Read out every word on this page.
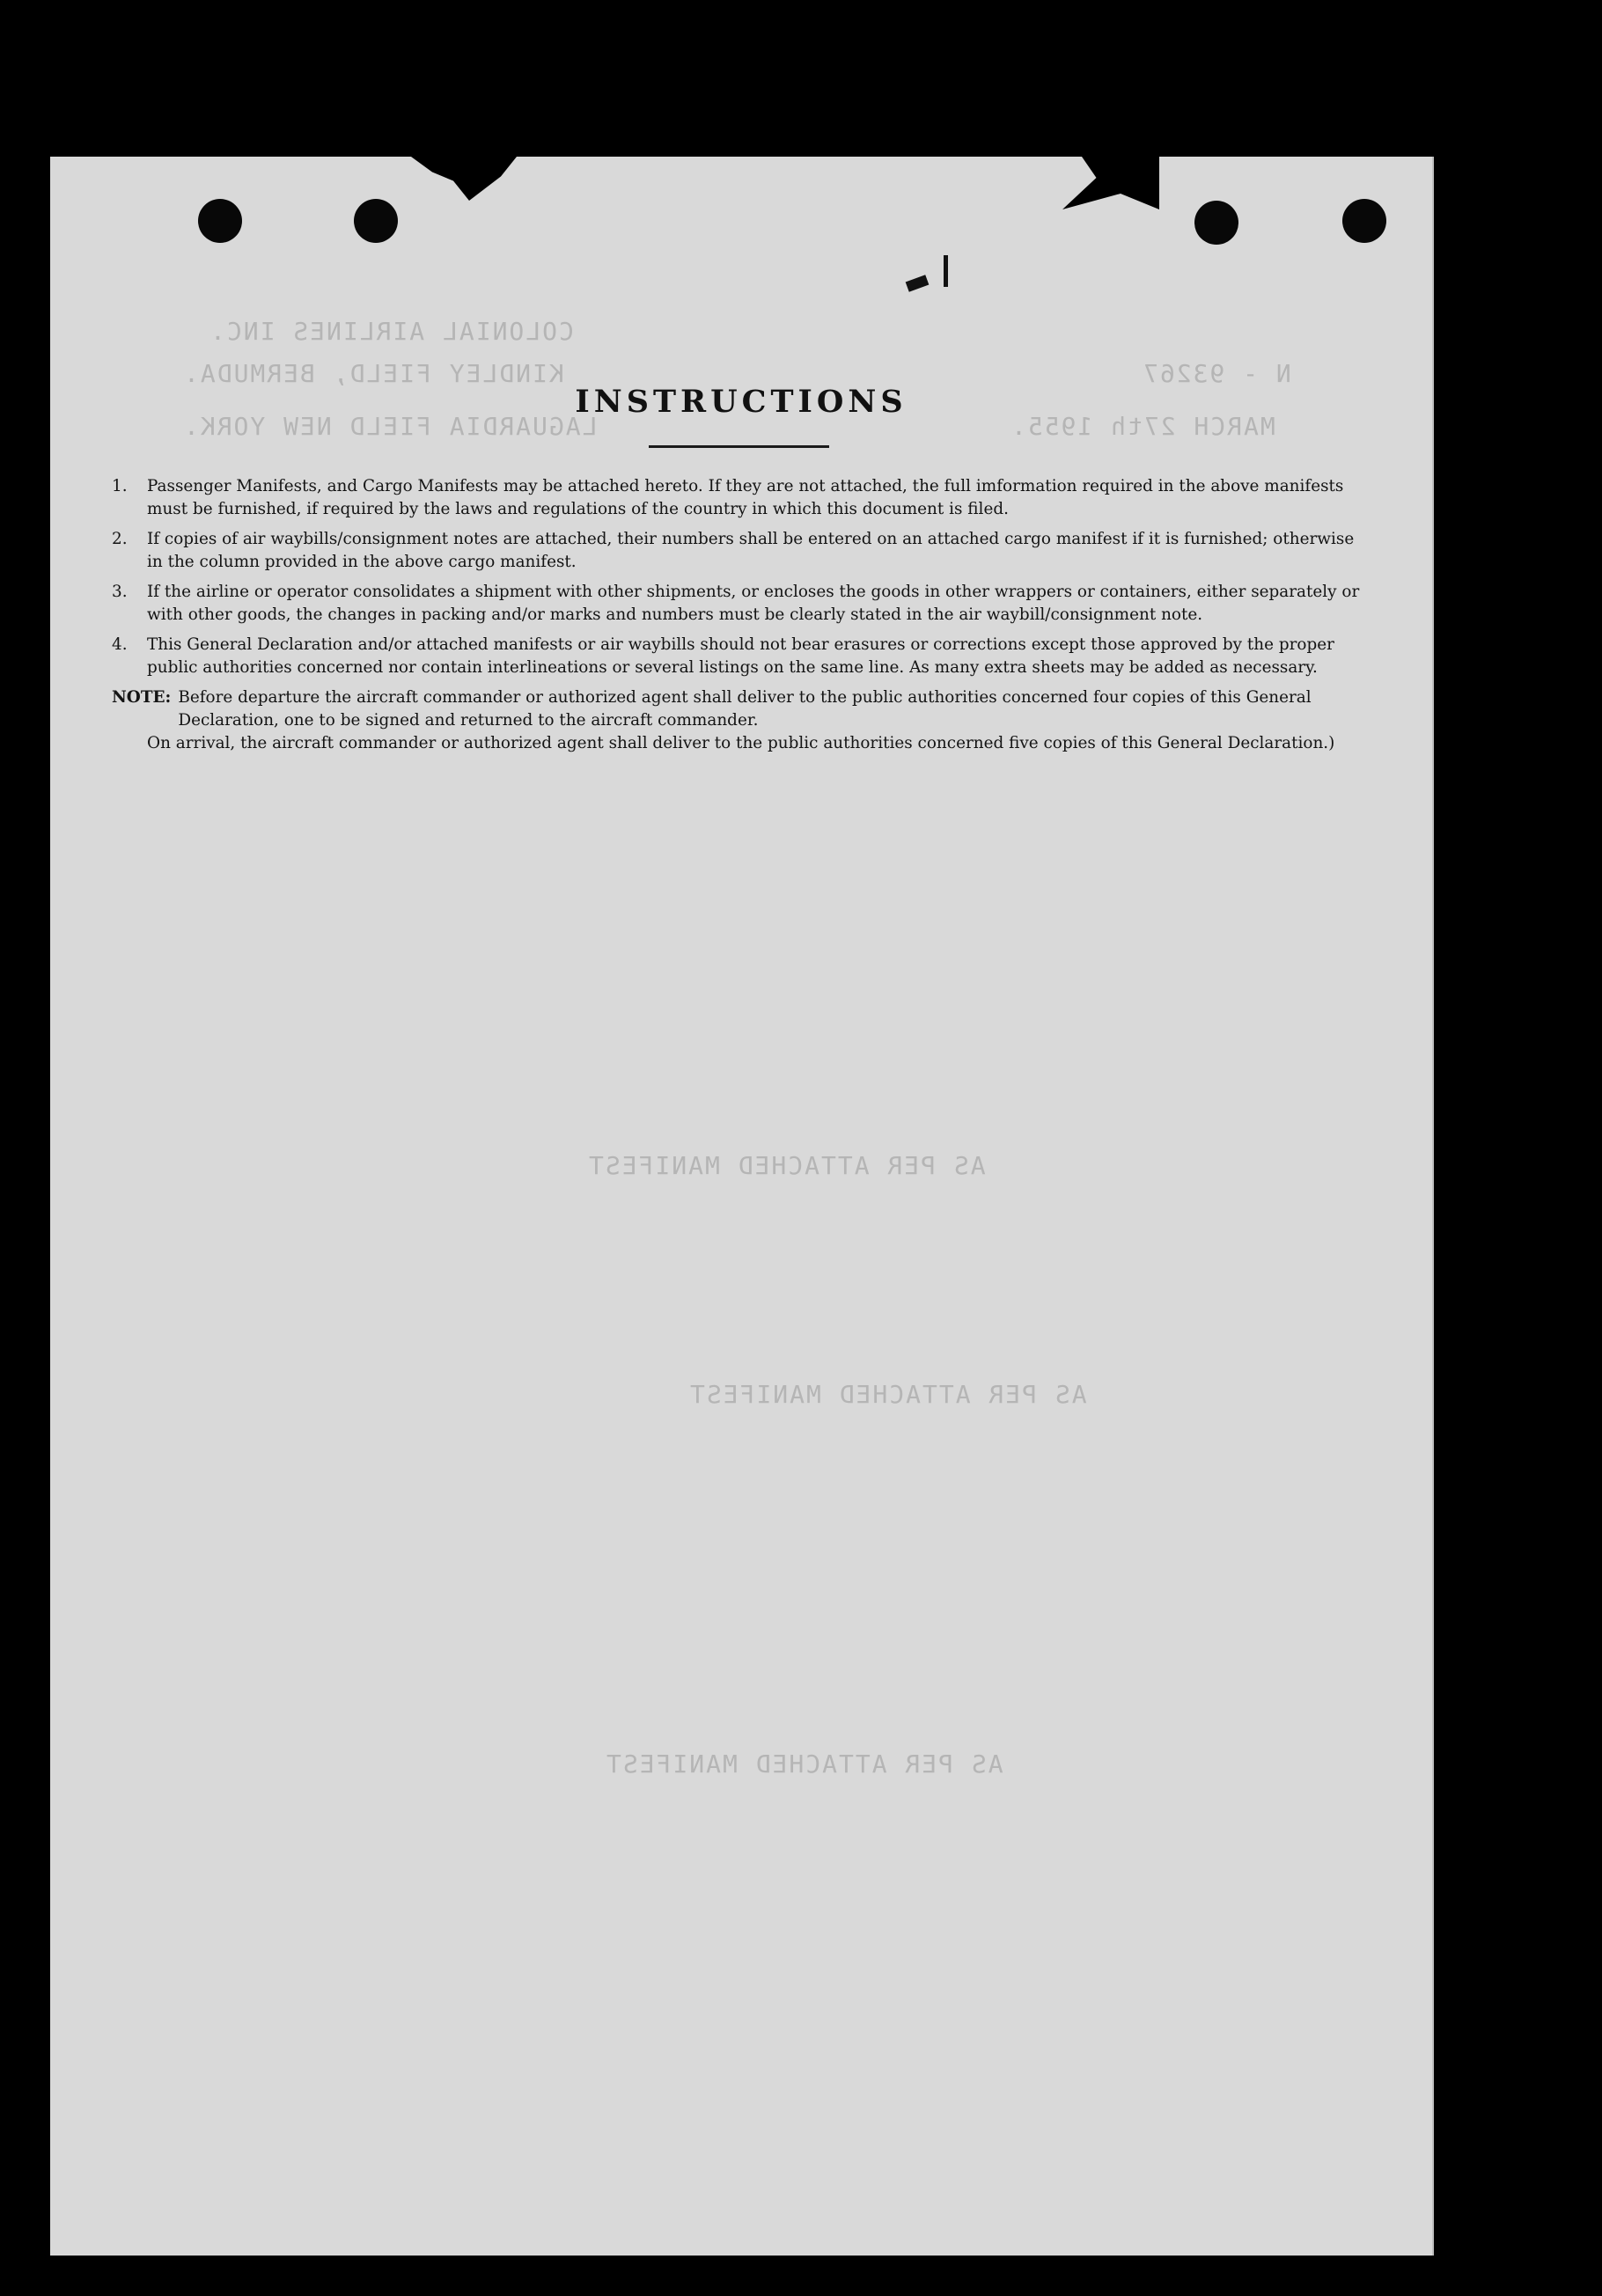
COLONIAL AIRLINES INC.
N - 93267
KINDLEY FIELD, BERMUDA.
MARCH 27th 1955.
LAGUARDIA FIELD NEW YORK.
AS PER ATTACHED MANIFEST
AS PER ATTACHED MANIFEST
AS PER ATTACHED MANIFEST
INSTRUCTIONS
1.	Passenger Manifests, and Cargo Manifests may be attached hereto. If they are not attached, the full imformation required in the above manifests must be furnished, if required by the laws and regulations of the country in which this document is filed.
2.	If copies of air waybills/consignment notes are attached, their numbers shall be entered on an attached cargo manifest if it is furnished; otherwise in the column provided in the above cargo manifest.
3.	If the airline or operator consolidates a shipment with other shipments, or encloses the goods in other wrappers or containers, either separately or with other goods, the changes in packing and/or marks and numbers must be clearly stated in the air waybill/consignment note.
4.	This General Declaration and/or attached manifests or air waybills should not bear erasures or corrections except those approved by the proper public authorities concerned nor contain interlineations or several listings on the same line. As many extra sheets may be added as necessary.
NOTE: Before departure the aircraft commander or authorized agent shall deliver to the public authorities concerned four copies of this General Declaration, one to be signed and returned to the aircraft commander.
On arrival, the aircraft commander or authorized agent shall deliver to the public authorities concerned five copies of this General Declaration.)
